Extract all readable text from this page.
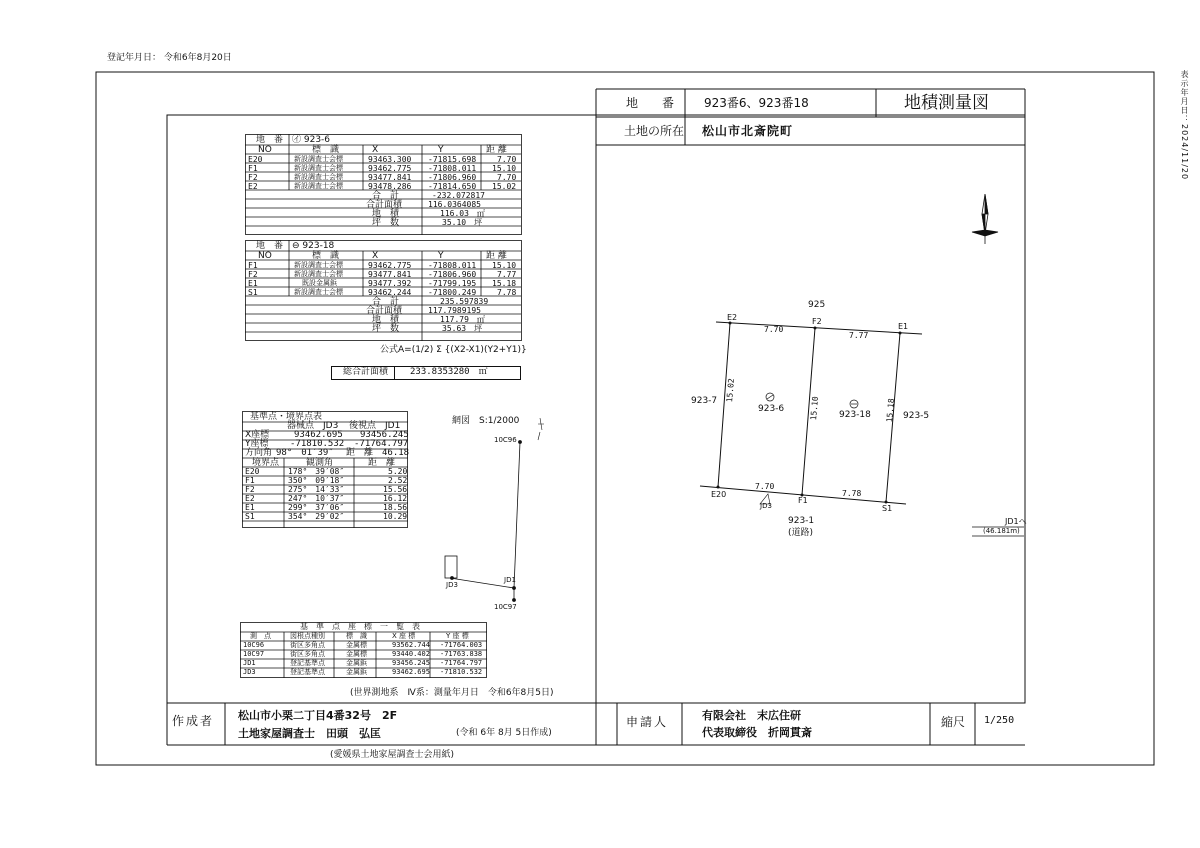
登記年月日： 令和6年8月20日
表示年月日：2024/11/20
地　　番 923番6、923番18	地積測量図
土地の所在 松山市北斎院町
地　番 ㋑ 923-6
NO	標　識	X	Y	距 離
E20	新設調査士会標	93463.300 -71815.698	7.70
F1	新設調査士会標	93462.775 -71808.011 15.10
F2	新設調査士会標	93477.841 -71806.960	7.70
E2	新設調査士会標	93478.286 -71814.650 15.02
合　計	-232.072817
合計面積	116.0364085
地　積	116.03　㎡
坪　数	35.10　坪
地　番 ⊖ 923-18
NO	標　識	X	Y	距 離
F1	新設調査士会標	93462.775 -71808.011 15.10
F2	新設調査士会標	93477.841 -71806.960	7.77
E1	既設金属鋲	93477.392 -71799.195 15.18
S1	新設調査士会標	93462.244 -71800.249	7.78
合　計	235.597839
合計面積	117.7989195
地　積	117.79　㎡
坪　数	35.63　坪
公式A=(1/2) Σ {(X2-X1)(Y2+Y1)}
総合計面積 233.8353280　㎡
基準点・境界点表
器械点　JD3 後視点　JD1
X座標	93462.695 93456.245
Y座標 -71810.532 -71764.797
方向角 98°　01′39″ 距　離 46.18
境界点	観測角	距　離
E20	178°　39′08″	5.20
F1	350°　09′18″	2.52
F2	275°　14′33″	15.56
E2	247°　10′37″	16.12
E1	299°　37′06″	18.56
S1	354°　29′02″	10.29
網図　S:1/2000
10C96
JD1
JD3
10C97
基　準　点　座　標　一　覧　表
測　点	図根点種別	標　識	X 座 標	Y 座 標
10C96	街区多角点	金属標	93562.744 -71764.003
10C97	街区多角点	金属標	93440.402 -71763.838
JD1	登記基準点	金属鋲	93456.245 -71764.797
JD3	登記基準点	金属鋲	93462.695 -71810.532
(世界測地系　Ⅳ系：測量年月日　令和6年8月5日)
925
E2	F2
E1
7.70
7.77
923-7
923-5
923-6
923-18
15.02
15.10	15.18
7.70
7.78
E20
F1
S1
JD3
923-1
(道路)
JD1へ
(46.181m)
作成者 松山市小栗二丁目4番32号　2F
土地家屋調査士　田頭　弘匡	(令和 6年 8月 5日作成)
申請人	有限会社　末広住研
代表取締役　折岡貫斎
縮尺 1/250
(愛媛県土地家屋調査士会用紙)
